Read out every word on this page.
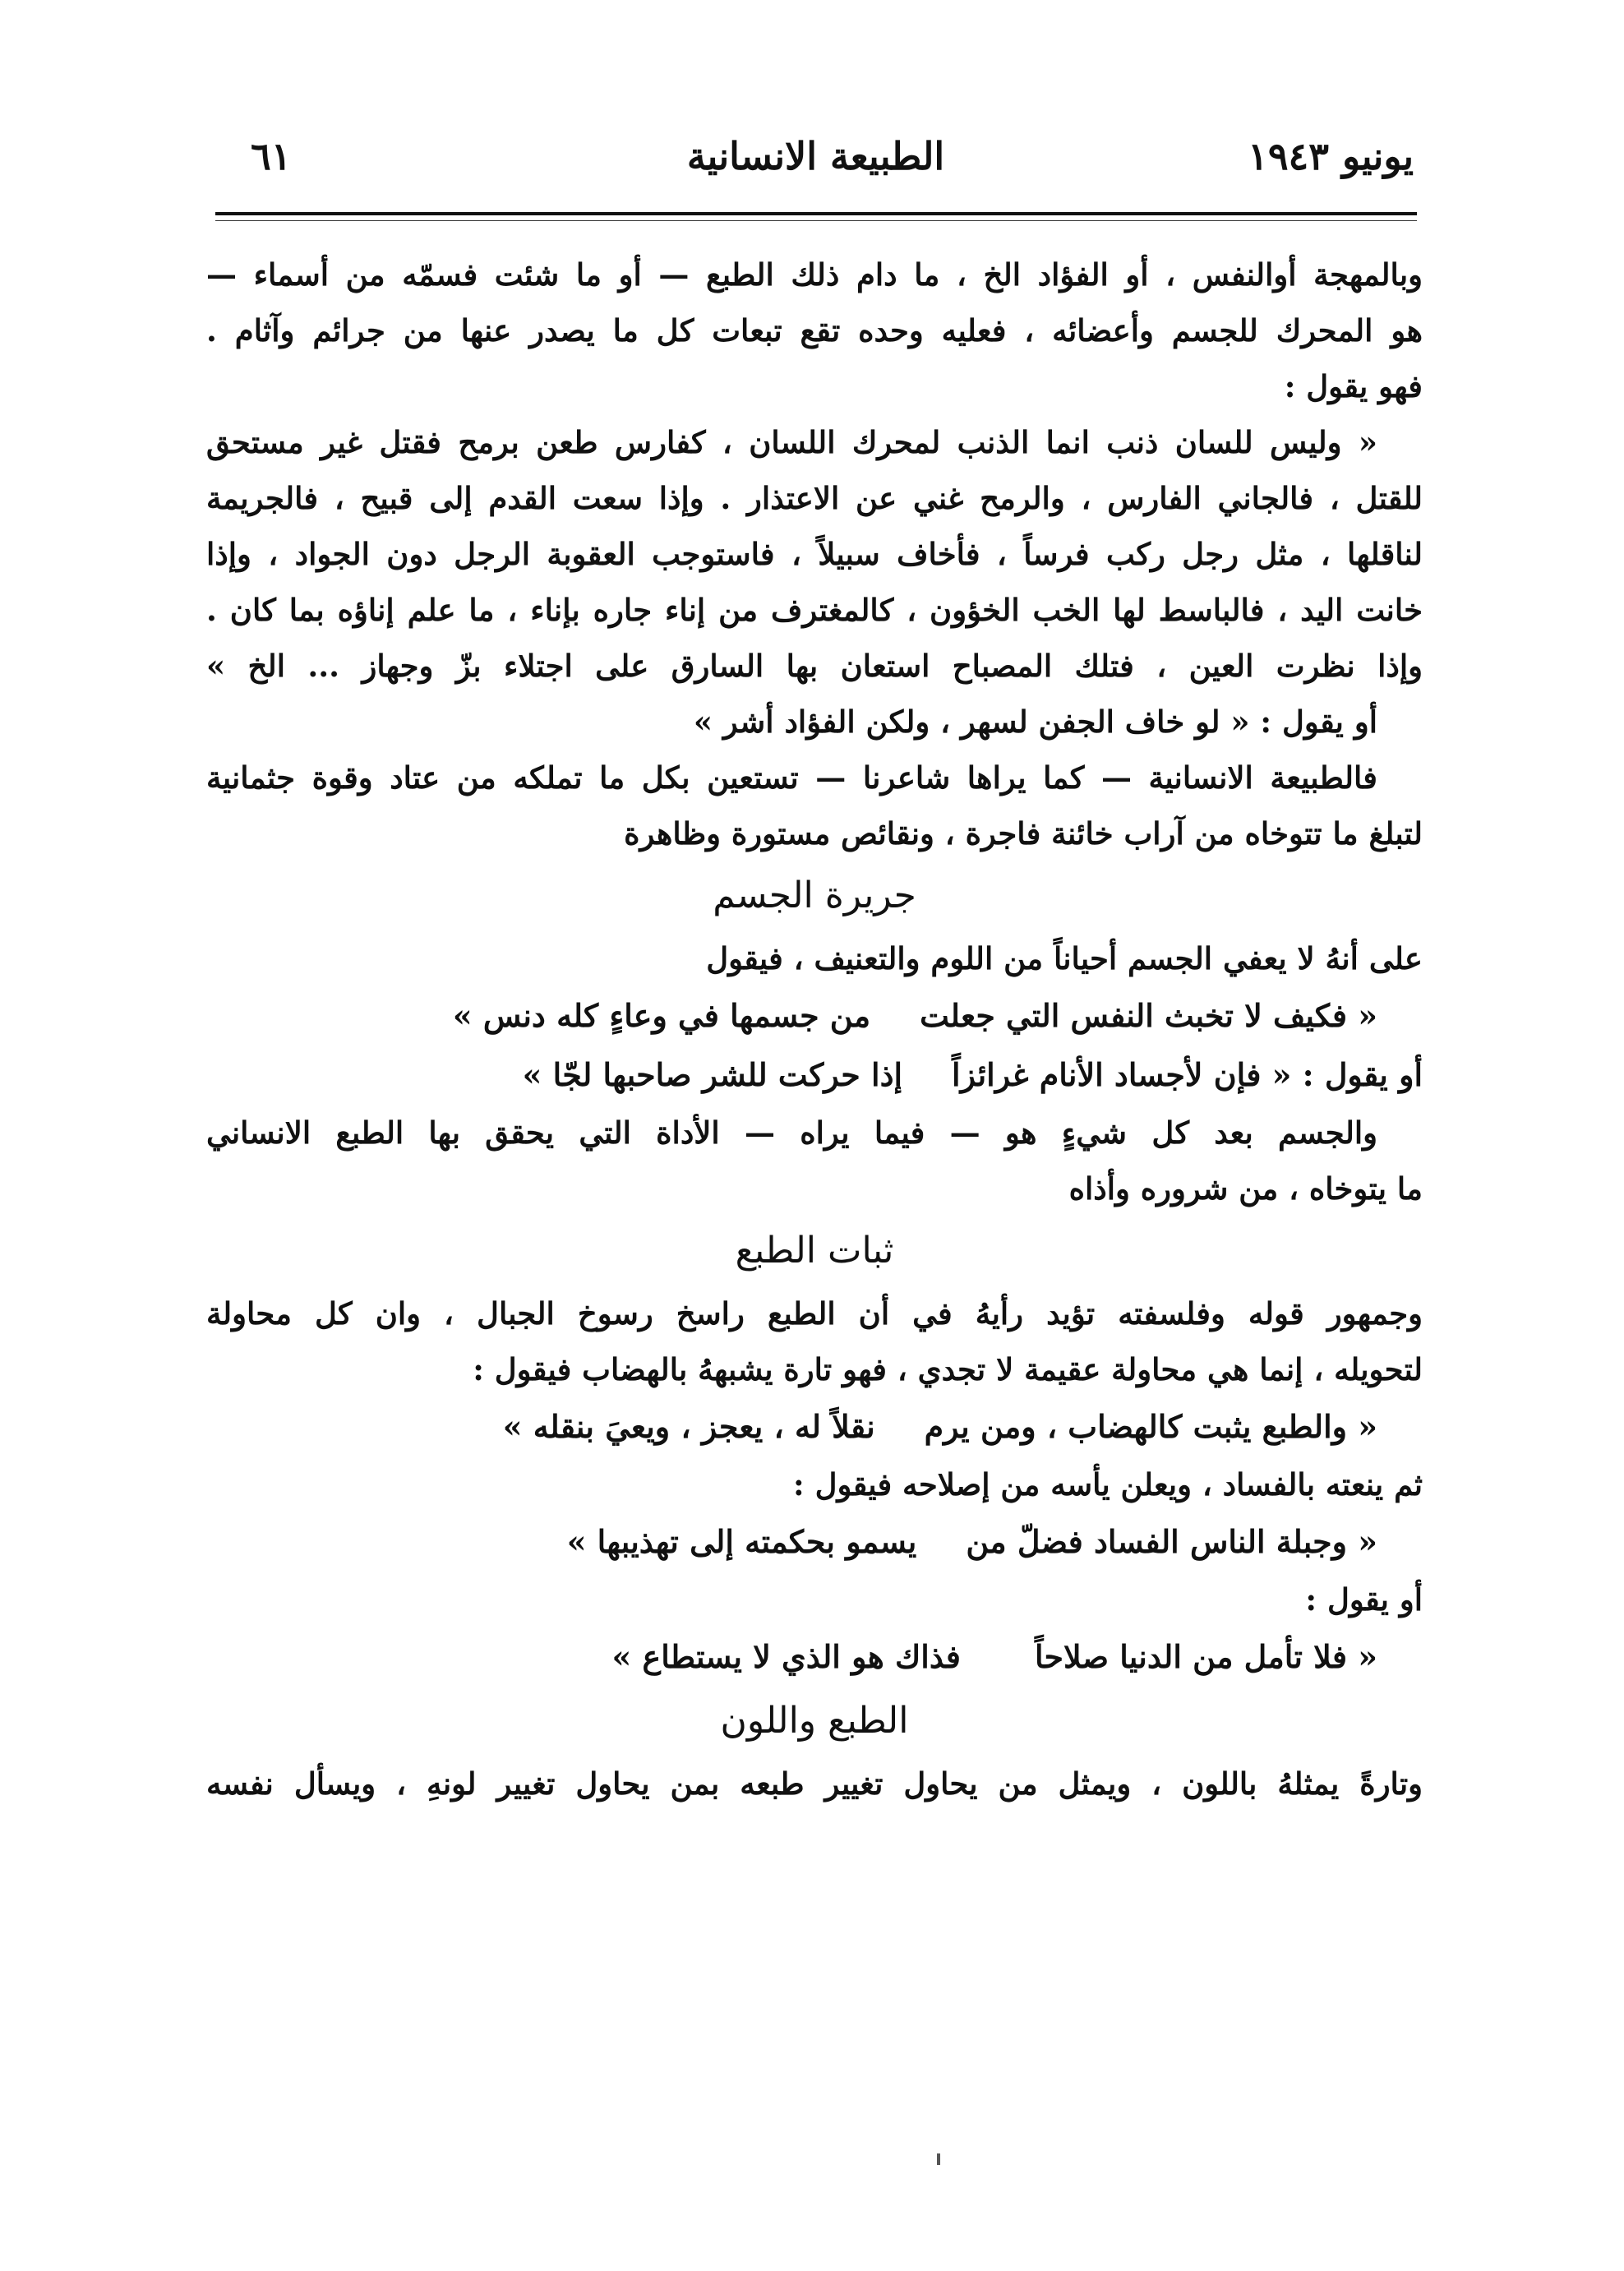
يونيو ١٩٤٣
الطبيعة الانسانية
٦١
وبالمهجة أوالنفس ، أو الفؤاد الخ ، ما دام ذلك الطبع — أو ما شئت فسمّه من أسماء —
هو المحرك للجسم وأعضائه ، فعليه وحده تقع تبعات كل ما يصدر عنها من جرائم وآثام .
فهو يقول :
« وليس للسان ذنب انما الذنب لمحرك اللسان ، كفارس طعن برمح فقتل غير مستحق
للقتل ، فالجاني الفارس ، والرمح غني عن الاعتذار . وإذا سعت القدم إلى قبيح ، فالجريمة
لناقلها ، مثل رجل ركب فرساً ، فأخاف سبيلاً ، فاستوجب العقوبة الرجل دون الجواد ، وإذا
خانت اليد ، فالباسط لها الخب الخؤون ، كالمغترف من إناء جاره بإناء ، ما علم إناؤه بما كان .
وإذا نظرت العين ، فتلك المصباح استعان بها السارق على اجتلاء بزّ وجهاز ... الخ »
أو يقول : « لو خاف الجفن لسهر ، ولكن الفؤاد أشر »
فالطبيعة الانسانية — كما يراها شاعرنا — تستعين بكل ما تملكه من عتاد وقوة جثمانية
لتبلغ ما تتوخاه من آراب خائنة فاجرة ، ونقائص مستورة وظاهرة
جريرة الجسم
على أنهُ لا يعفي الجسم أحياناً من اللوم والتعنيف ، فيقول
« فكيف لا تخبث النفس التي جعلت
من جسمها في وعاءٍ كله دنس »
أو يقول : « فإن لأجساد الأنام غرائزاً
إذا حركت للشر صاحبها لجّا »
والجسم بعد كل شيءٍ هو — فيما يراه — الأداة التي يحقق بها الطبع الانساني
ما يتوخاه ، من شروره وأذاه
ثبات الطبع
وجمهور قوله وفلسفته تؤيد رأيهُ في أن الطبع راسخ رسوخ الجبال ، وان كل محاولة
لتحويله ، إنما هي محاولة عقيمة لا تجدي ، فهو تارة يشبههُ بالهضاب فيقول :
« والطبع يثبت كالهضاب ، ومن يرم
نقلاً له ، يعجز ، ويعيَ بنقله »
ثم ينعته بالفساد ، ويعلن يأسه من إصلاحه فيقول :
« وجبلة الناس الفساد فضلّ من
يسمو بحكمته إلى تهذيبها »
أو يقول :
« فلا تأمل من الدنيا صلاحاً
فذاك هو الذي لا يستطاع »
الطبع واللون
وتارةً يمثلهُ باللون ، ويمثل من يحاول تغيير طبعه بمن يحاول تغيير لونهِ ، ويسأل نفسه
